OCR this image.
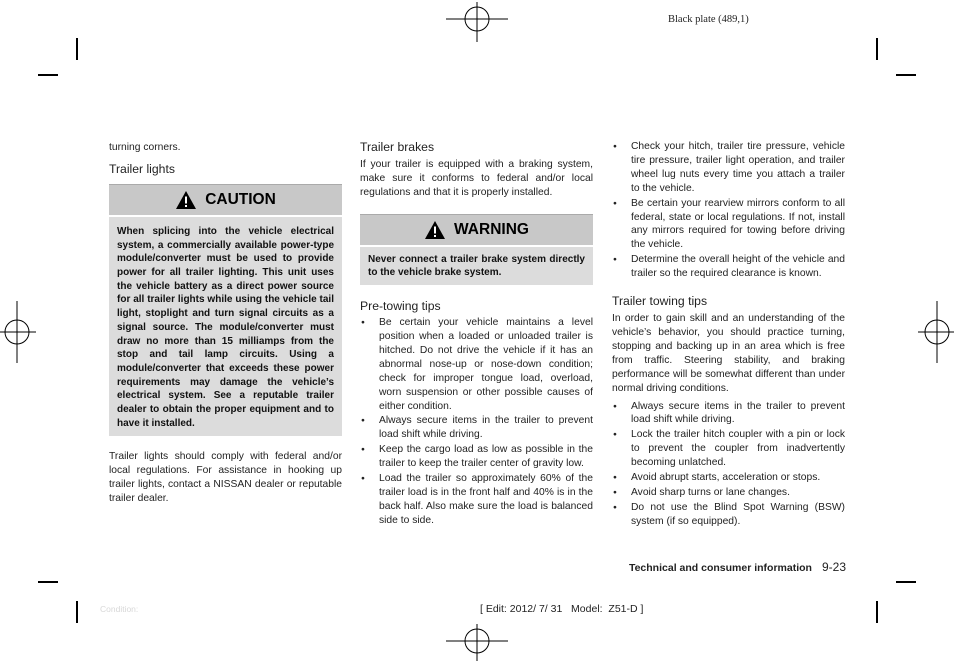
Black plate (489,1)

turning corners.

Trailer lights
CAUTION
When splicing into the vehicle electrical system, a commercially available power-type module/converter must be used to provide power for all trailer lighting. This unit uses the vehicle battery as a direct power source for all trailer lights while using the vehicle tail light, stoplight and turn signal circuits as a signal source. The module/converter must draw no more than 15 milliamps from the stop and tail lamp circuits. Using a module/converter that exceeds these power requirements may damage the vehicle’s electrical system. See a reputable trailer dealer to obtain the proper equipment and to have it installed.

Trailer lights should comply with federal and/or local regulations. For assistance in hooking up trailer lights, contact a NISSAN dealer or reputable trailer dealer.

Trailer brakes

If your trailer is equipped with a braking system, make sure it conforms to federal and/or local regulations and that it is properly installed.

WARNING
Never connect a trailer brake system directly to the vehicle brake system.
Pre-towing tips
● Be certain your vehicle maintains a level position when a loaded or unloaded trailer is hitched. Do not drive the vehicle if it has an abnormal nose-up or nose-down condition; check for improper tongue load, overload, worn suspension or other possible causes of either condition.
● Always secure items in the trailer to prevent load shift while driving.
● Keep the cargo load as low as possible in the trailer to keep the trailer center of gravity low.
● Load the trailer so approximately 60% of the trailer load is in the front half and 40% is in the back half. Also make sure the load is balanced side to side.
● Check your hitch, trailer tire pressure, vehicle tire pressure, trailer light operation, and trailer wheel lug nuts every time you attach a trailer to the vehicle.
● Be certain your rearview mirrors conform to all federal, state or local regulations. If not, install any mirrors required for towing before driving the vehicle.
● Determine the overall height of the vehicle and trailer so the required clearance is known.
Trailer towing tips

In order to gain skill and an understanding of the vehicle’s behavior, you should practice turning, stopping and backing up in an area which is free from traffic. Steering stability, and braking performance will be somewhat different than under normal driving conditions.

● Always secure items in the trailer to prevent load shift while driving.
● Lock the trailer hitch coupler with a pin or lock to prevent the coupler from inadvertently becoming unlatched.
● Avoid abrupt starts, acceleration or stops.
● Avoid sharp turns or lane changes.
● Do not use the Blind Spot Warning (BSW) system (if so equipped).
Technical and consumer information 9-23
Condition:	[ Edit: 2012/ 7/ 31   Model:  Z51-D ]
